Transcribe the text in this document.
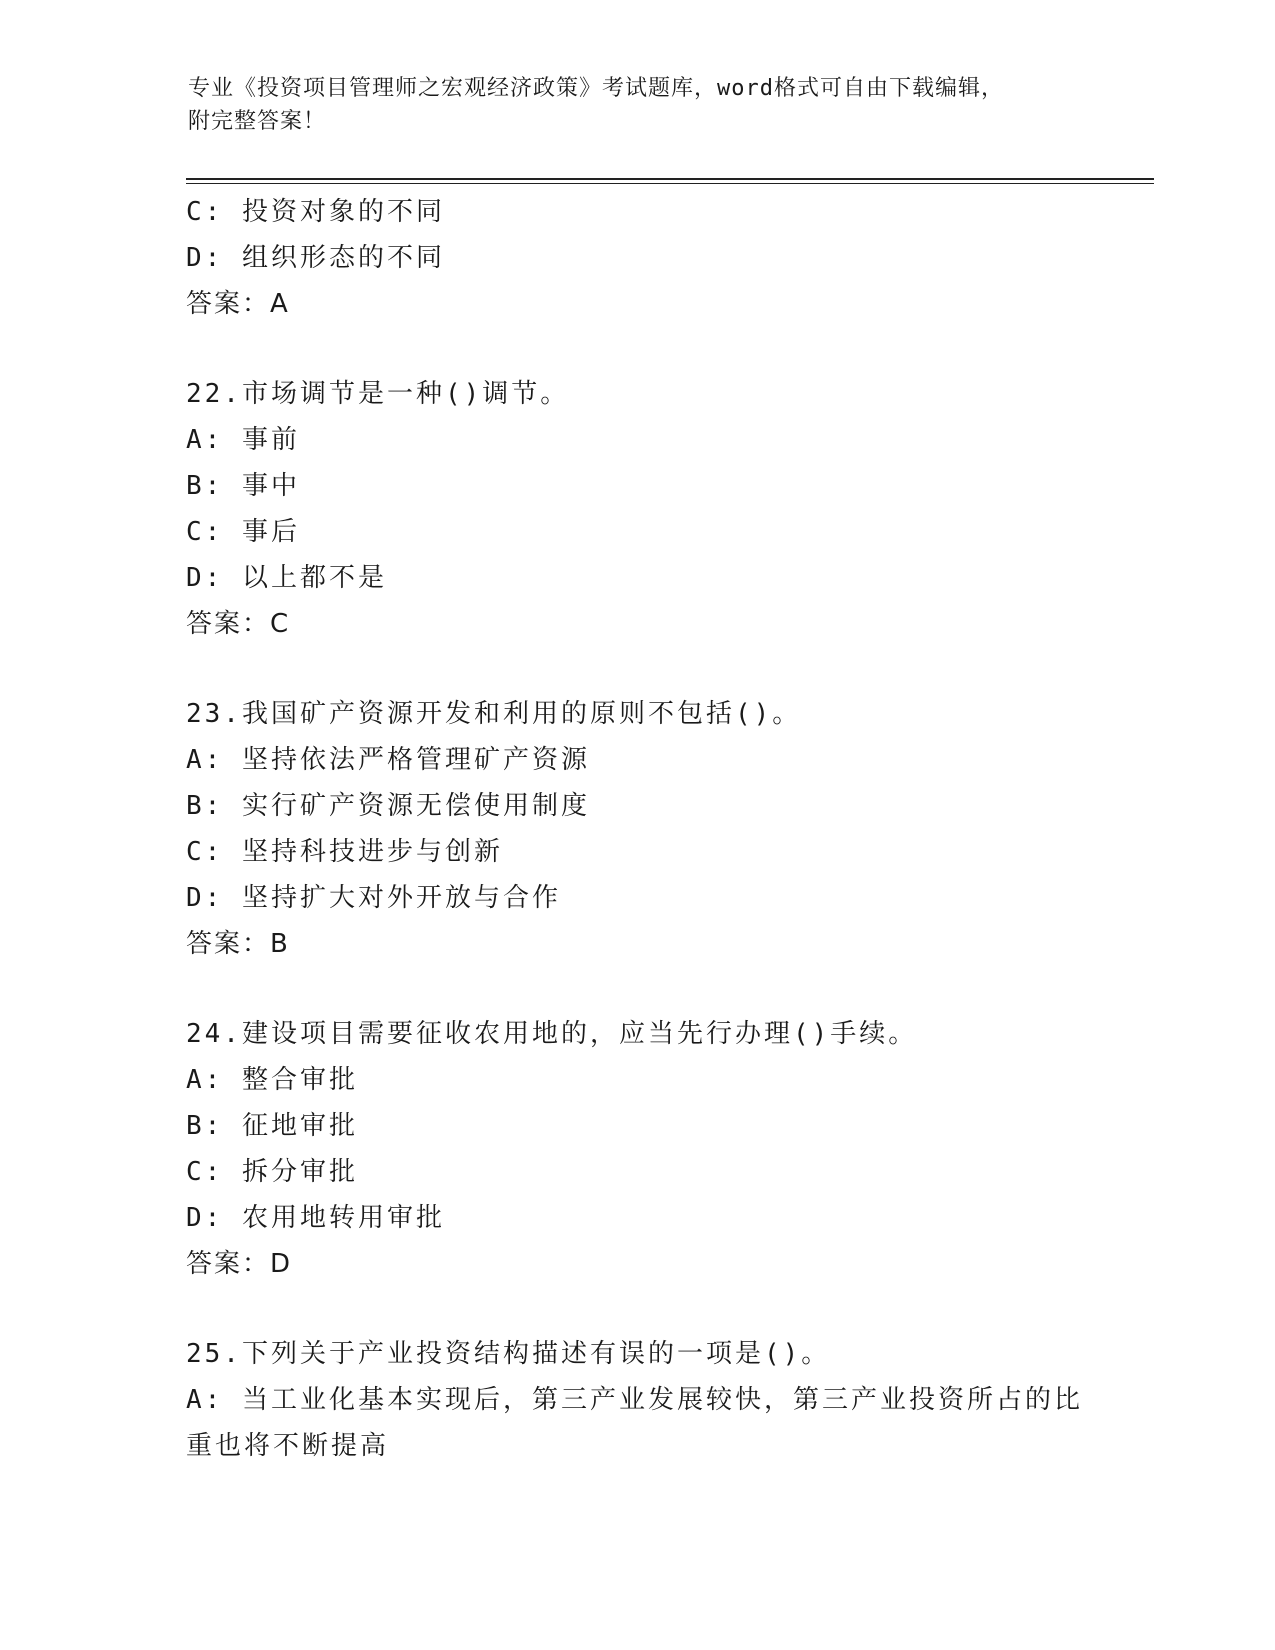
专业《投资项目管理师之宏观经济政策》考试题库，word格式可自由下载编辑，
附完整答案！
C: 投资对象的不同
D: 组织形态的不同
答案：A
22.市场调节是一种()调节。
A: 事前
B: 事中
C: 事后
D: 以上都不是
答案：C
23.我国矿产资源开发和利用的原则不包括()。
A: 坚持依法严格管理矿产资源
B: 实行矿产资源无偿使用制度
C: 坚持科技进步与创新
D: 坚持扩大对外开放与合作
答案：B
24.建设项目需要征收农用地的，应当先行办理()手续。
A: 整合审批
B: 征地审批
C: 拆分审批
D: 农用地转用审批
答案：D
25.下列关于产业投资结构描述有误的一项是()。
A: 当工业化基本实现后，第三产业发展较快，第三产业投资所占的比
重也将不断提高
